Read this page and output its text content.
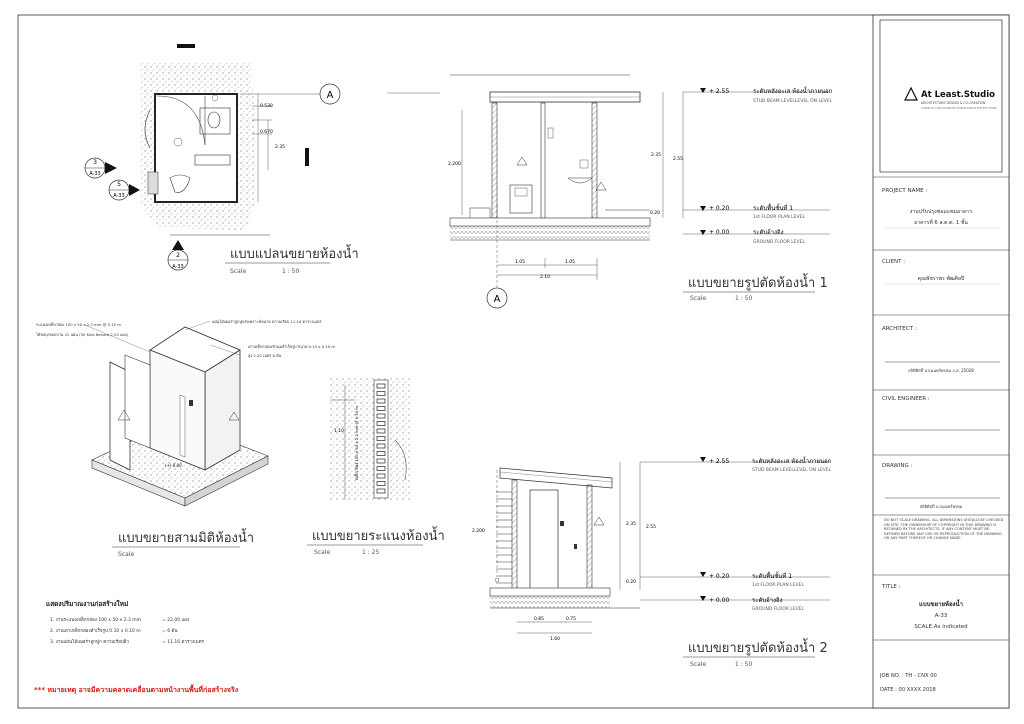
A
3
A-33
5
A-33
2
A-33
0.530
0.670
2.35
แบบแปลนขยายห้องน้ำ
Scale	1 : 50
A
2.35
2.55
0.20
2.200
1.05	1.05
2.10
+ 2.55	ระดับหลังอะเส ห้องน้ำภายนอก
STUD BEAM LEVELLEVEL ON LEVEL
+ 0.20	ระดับพื้นชั้นที่ 1
1st FLOOR PLAN LEVEL
+ 0.00	ระดับอ้างอิง
GROUND FLOOR LEVEL
แบบขยายรูปตัดห้องน้ำ 1
Scale	1 : 50
(+) 0.00
ระแนงเหล็กกล่อง 100 x 50 x 2.3 mm @ 0.10 m
ได้ขอบ/ขอบบาน 22 แผ่น (50 Kios Nevoro 2.20 แผง)
แผ่นไม้เฌอร่าลูกฟูกสังเคราะห์ขนาด ความเรียบ 11.16 ตารางเมตร
เสาเหล็กกล่องเข้ามุมสำเร็จรูป ขนาด 0.10 x 0.10 m
สูง 2.20 เมตร 6 ต้น
แบบขยายสามมิติห้องน้ำ
Scale
1.10	เหล็กกล่อง 100 x 50 x 2.3 mm @ 0.10 m
แบบขยายระแนงห้องน้ำ
Scale	1 : 25
2.35
2.55
2.200
0.20
0.85	0.75
1.60
+ 2.55	ระดับหลังอะเส ห้องน้ำภายนอก
STUD BEAM LEVELLEVEL ON LEVEL
+ 0.20	ระดับพื้นชั้นที่ 1
1st FLOOR PLAN LEVEL
+ 0.00	ระดับอ้างอิง
GROUND FLOOR LEVEL
แบบขยายรูปตัดห้องน้ำ 2
Scale	1 : 50
แสดงปริมาณงานก่อสร้างใหม่
1. งานระแนงเหล็กกล่อง 100 x 50 x 2.3 mm	= 22.00 แผง
2. งานเสาเหล็กกล่องสำเร็จรูป 0.10 x 0.10 m	= 6 ต้น
3. งานแผ่นไม้เฌอร่าลูกฟูก ความเรียบผิว	= 11.16 ตารางเมตร
*** หมายเหตุ อาจมีความคลาดเคลื่อนตามหน้างานพื้นที่ก่อสร้างจริง
At Least.Studio
ARCHITECTURE DESIGN & CO-CREATION
ADMIN OF LAND ECONOMY BURAN BURAN PATHUM THANI
PROJECT NAME :
งานปรับปรุงซ่อมแซมอาคาร
อาคารที่ 6 ส.ต.ต. 1 ชั้น
CLIENT :
คุณพัชราพร พัฒศิลปิ
ARCHITECT :
สถิติศิลปิ์ นาเมนทร์พรหม ภ.ส. 25028
CIVIL ENGINEER :
DRAWING :
สถิติศิลปิ์ นาเมนทร์พรหม
DO NOT SCALE DRAWING. ALL DIMENSIONS SHOULD BE CHECKED ON SITE. THE OWNERSHIP OF COPYRIGHT IN THIS DRAWING IS RETAINED BY THE ARCHITECTS. IF ANY CONTENT MUST BE DEFINED BEFORE ANY USE OR REPRODUCTION OF THE DRAWING OR ANY PART THEREOF OR CHANGE MADE.
TITLE :
แบบขยายห้องน้ำ
A-33
SCALE:As indicated
JOB NO. : TH - CNX 00
DATE : 00 XXXX 2018
